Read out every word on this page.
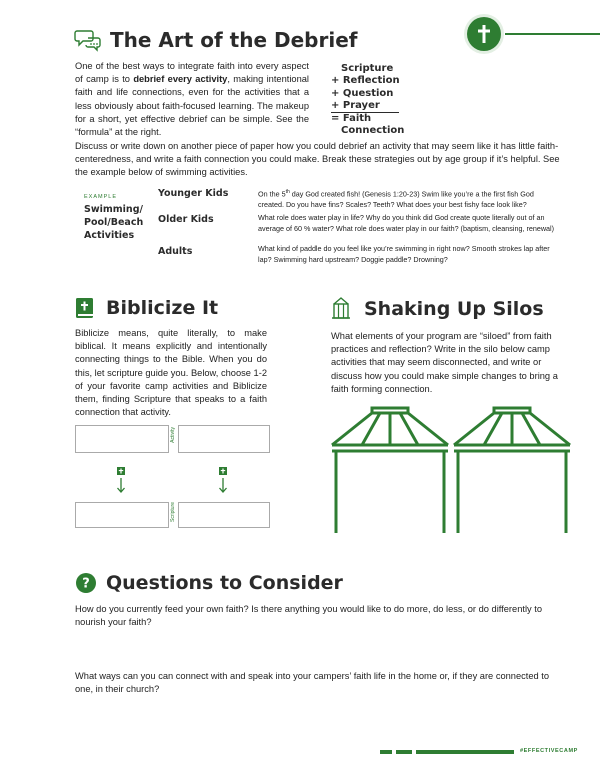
The Art of the Debrief
One of the best ways to integrate faith into every aspect of camp is to debrief every activity, making intentional faith and life connections, even for the activities that a less obviously about faith-focused learning. The makeup for a short, yet effective debrief can be simple. See the “formula” at the right.
Scripture
+ Reflection
+ Question
+ Prayer
= Faith
Connection
Discuss or write down on another piece of paper how you could debrief an activity that may seem like it has little faith-centeredness, and write a faith connection you could make. Break these strategies out by age group if it’s helpful. See the example below of swimming activities.
EXAMPLE
Swimming/ Pool/Beach Activities
Younger Kids	On the 5th day God created fish! (Genesis 1:20-23) Swim like you’re a the first fish God created. Do you have fins? Scales? Teeth? What does your best fishy face look like?
Older Kids	What role does water play in life? Why do you think did God create quote literally out of an average of 60 % water? What role does water play in our faith? (baptism, cleansing, renewal)
Adults	What kind of paddle do you feel like you’re swimming in right now? Smooth strokes lap after lap? Swimming hard upstream? Doggie paddle? Drowning?
Biblicize It
Biblicize means, quite literally, to make biblical. It means explicitly and intentionally connecting things to the Bible. When you do this, let scripture guide you. Below, choose 1-2 of your favorite camp activities and Biblicize them, finding Scripture that speaks to a faith connection that activity.
Activity
Scripture
Shaking Up Silos
What elements of your program are “siloed” from faith practices and reflection? Write in the silo below camp activities that may seem disconnected, and write or discuss how you could make simple changes to bring a faith forming connection.
? Questions to Consider
How do you currently feed your own faith? Is there anything you would like to do more, do less, or do differently to nourish your faith?
What ways can you can connect with and speak into your campers’ faith life in the home or, if they are connected to one, in their church?
#EFFECTIVECAMP
